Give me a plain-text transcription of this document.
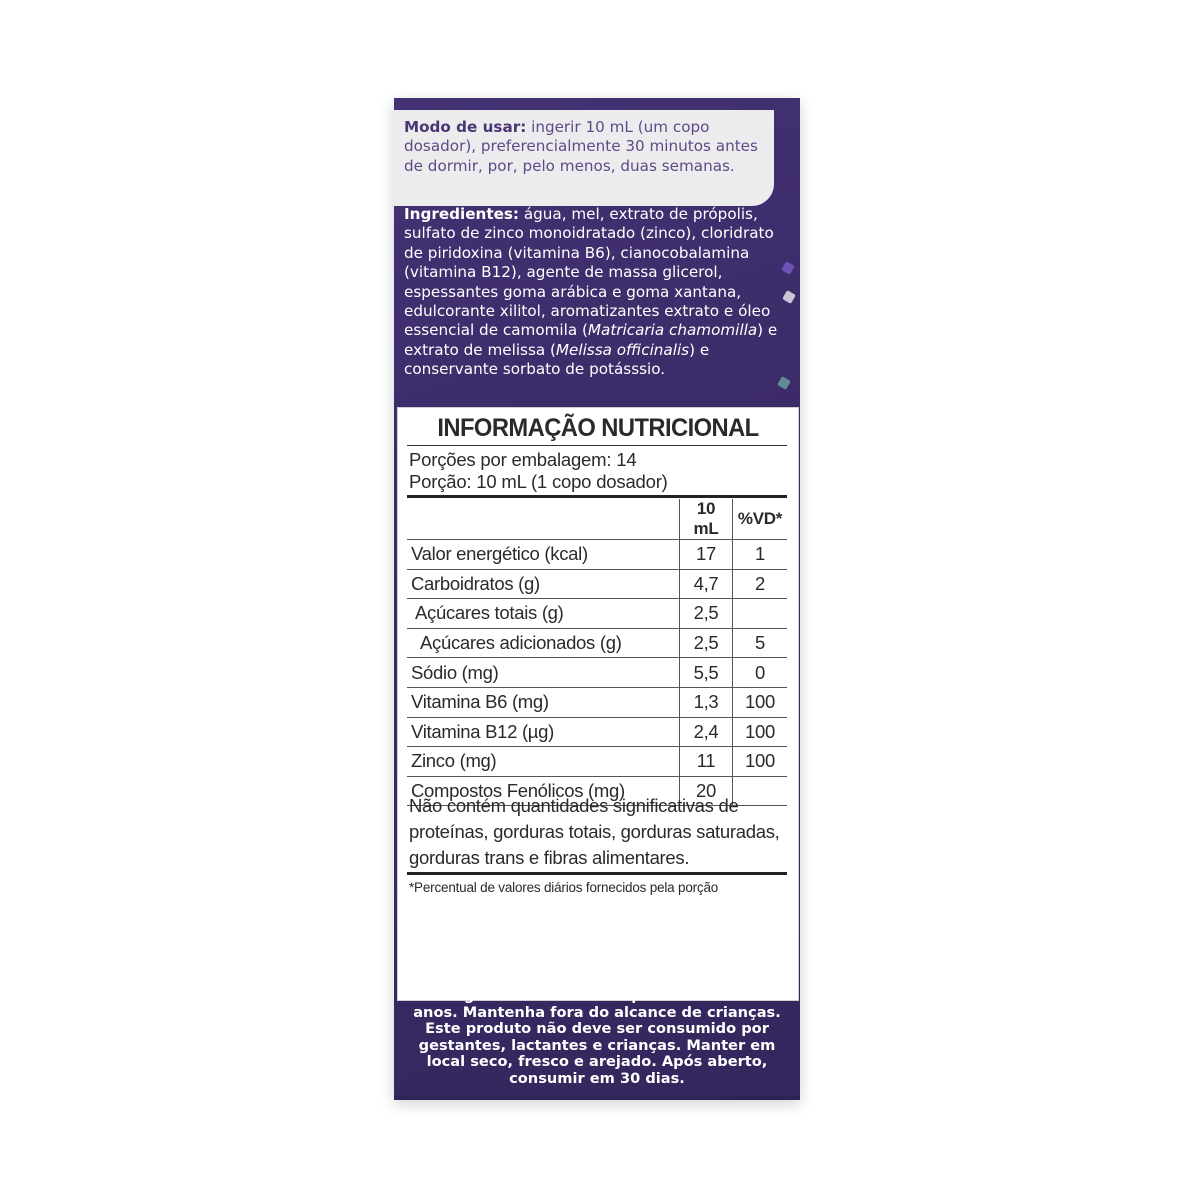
Modo de usar: ingerir 10 mL (um copo dosador), preferencialmente 30 minutos antes de dormir, por, pelo menos, duas semanas.
Ingredientes: água, mel, extrato de própolis, sulfato de zinco monoidratado (zinco), cloridrato de piridoxina (vitamina B6), cianocobalamina (vitamina B12), agente de massa glicerol, espessantes goma arábica e goma xantana, edulcorante xilitol, aromatizantes extrato e óleo essencial de camomila (Matricaria chamomilla) e extrato de melissa (Melissa officinalis) e conservante sorbato de potásssio.
INFORMAÇÃO NUTRICIONAL
Porções por embalagem: 14
Porção: 10 mL (1 copo dosador)
	10 mL	%VD*
Valor energético (kcal)	17	1
Carboidratos (g)	4,7	2
Açúcares totais (g)	2,5	
Açúcares adicionados (g)	2,5	5
Sódio (mg)	5,5	0
Vitamina B6 (mg)	1,3	100
Vitamina B12 (µg)	2,4	100
Zinco (mg)	11	100
Compostos Fenólicos (mg)	20	
Não contém quantidades significativas de proteínas, gorduras totais, gorduras saturadas, gorduras trans e fibras alimentares.
*Percentual de valores diários fornecidos pela porção
NÃO CONTÉM GLÚTEN
AGITE ANTES DE USAR
Este produto não é medicamento. Não exceder a recomendação diária de consumo indicada na embalagem. Recomendado para maiores de 19 anos. Mantenha fora do alcance de crianças. Este produto não deve ser consumido por gestantes, lactantes e crianças. Manter em local seco, fresco e arejado. Após aberto, consumir em 30 dias.
